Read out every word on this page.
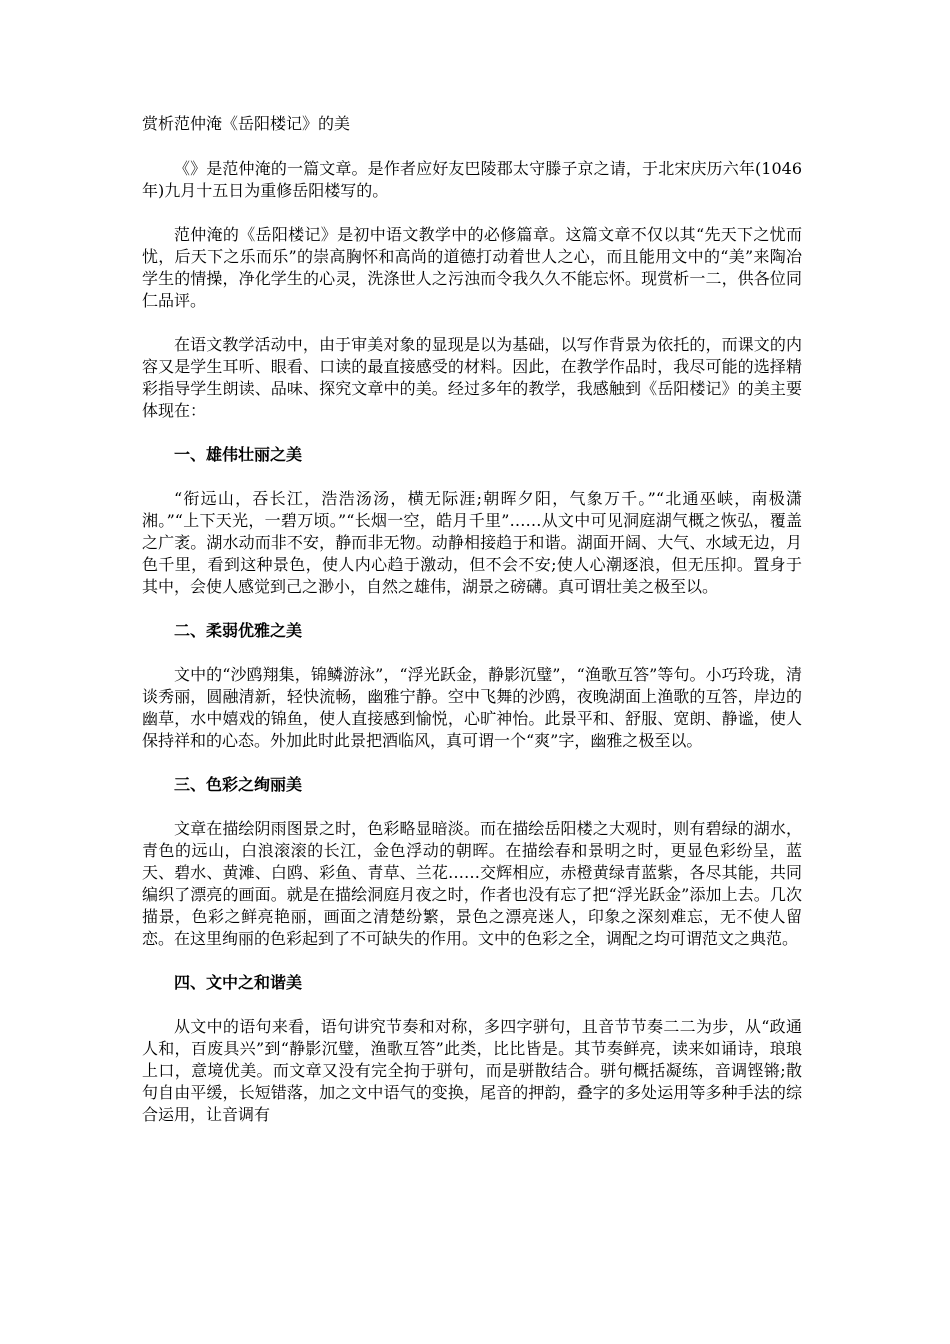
赏析范仲淹《岳阳楼记》的美

《》是范仲淹的一篇文章。是作者应好友巴陵郡太守滕子京之请，于北宋庆历六年(1046年)九月十五日为重修岳阳楼写的。

范仲淹的《岳阳楼记》是初中语文教学中的必修篇章。这篇文章不仅以其“先天下之忧而忧，后天下之乐而乐”的崇高胸怀和高尚的道德打动着世人之心，而且能用文中的“美”来陶冶学生的情操，净化学生的心灵，洗涤世人之污浊而令我久久不能忘怀。现赏析一二，供各位同仁品评。

在语文教学活动中，由于审美对象的显现是以为基础，以写作背景为依托的，而课文的内容又是学生耳听、眼看、口读的最直接感受的材料。因此，在教学作品时，我尽可能的选择精彩指导学生朗读、品味、探究文章中的美。经过多年的教学，我感触到《岳阳楼记》的美主要体现在：

一、雄伟壮丽之美

“衔远山，吞长江，浩浩汤汤，横无际涯;朝晖夕阳，气象万千。”“北通巫峡，南极潇湘。”“上下天光，一碧万顷。”“长烟一空，皓月千里”……从文中可见洞庭湖气概之恢弘，覆盖之广袤。湖水动而非不安，静而非无物。动静相接趋于和谐。湖面开阔、大气、水域无边，月色千里，看到这种景色，使人内心趋于激动，但不会不安;使人心潮逐浪，但无压抑。置身于其中，会使人感觉到己之渺小，自然之雄伟，湖景之磅礴。真可谓壮美之极至以。

二、柔弱优雅之美

文中的“沙鸥翔集，锦鳞游泳”，“浮光跃金，静影沉璧”，“渔歌互答”等句。小巧玲珑，清谈秀丽，圆融清新，轻快流畅，幽雅宁静。空中飞舞的沙鸥，夜晚湖面上渔歌的互答，岸边的幽草，水中嬉戏的锦鱼，使人直接感到愉悦，心旷神怡。此景平和、舒服、宽朗、静谧，使人保持祥和的心态。外加此时此景把酒临风，真可谓一个“爽”字，幽雅之极至以。

三、色彩之绚丽美

文章在描绘阴雨图景之时，色彩略显暗淡。而在描绘岳阳楼之大观时，则有碧绿的湖水，青色的远山，白浪滚滚的长江，金色浮动的朝晖。在描绘春和景明之时，更显色彩纷呈，蓝天、碧水、黄滩、白鸥、彩鱼、青草、兰花……交辉相应，赤橙黄绿青蓝紫，各尽其能，共同编织了漂亮的画面。就是在描绘洞庭月夜之时，作者也没有忘了把“浮光跃金”添加上去。几次描景，色彩之鲜亮艳丽，画面之清楚纷繁，景色之漂亮迷人，印象之深刻难忘，无不使人留恋。在这里绚丽的色彩起到了不可缺失的作用。文中的色彩之全，调配之均可谓范文之典范。

四、文中之和谐美

从文中的语句来看，语句讲究节奏和对称，多四字骈句，且音节节奏二二为步，从“政通人和，百废具兴”到“静影沉璧，渔歌互答”此类，比比皆是。其节奏鲜亮，读来如诵诗，琅琅上口，意境优美。而文章又没有完全拘于骈句，而是骈散结合。骈句概括凝练，音调铿锵;散句自由平缓，长短错落，加之文中语气的变换，尾音的押韵，叠字的多处运用等多种手法的综合运用，让音调有
